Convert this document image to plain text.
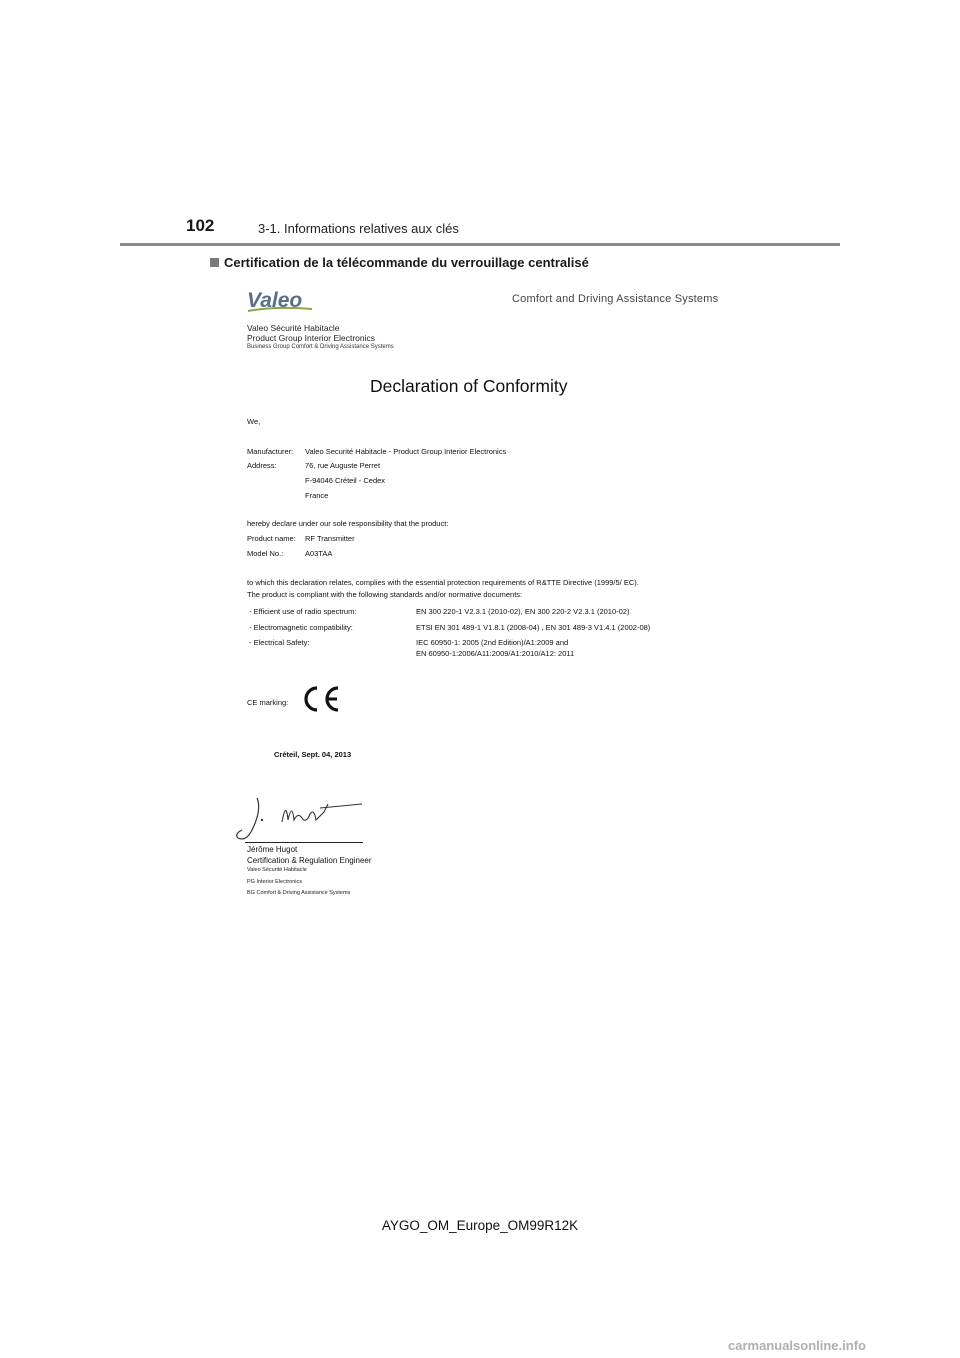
102	3-1. Informations relatives aux clés
Certification de la télécommande du verrouillage centralisé
Valeo	Comfort and Driving Assistance Systems
Valeo Sécurité Habitacle
Product Group Interior Electronics
Business Group Comfort & Driving Assistance Systems
Declaration of Conformity
We,
Manufacturer: Valeo Securité Habitacle - Product Group Interior Electronics
Address:	76, rue Auguste Perret
F-94046 Créteil - Cedex
France
hereby declare under our sole responsibility that the product:
Product name: RF Transmitter
Model No.:	A03TAA
to which this declaration relates, complies with the essential protection requirements of R&TTE Directive (1999/5/ EC).
The product is compliant with the following standards and/or normative documents:
- Efficient use of radio spectrum:	EN 300 220-1 V2.3.1 (2010-02), EN 300 220-2 V2.3.1 (2010-02)
- Electromagnetic compatibility:	ETSI EN 301 489-1 V1.8.1 (2008-04) , EN 301 489-3 V1.4.1 (2002-08)
- Electrical Safety:	IEC 60950-1: 2005 (2nd Edition)/A1:2009 and
EN 60950-1:2006/A11:2009/A1:2010/A12: 2011
CE marking:
Créteil, Sept. 04, 2013
Jérôme Hugot
Certification & Regulation Engineer
Valeo Sécurité Habitacle
PG Interior Electronics
BG Comfort & Driving Assistance Systems
AYGO_OM_Europe_OM99R12K
carmanualsonline.info
